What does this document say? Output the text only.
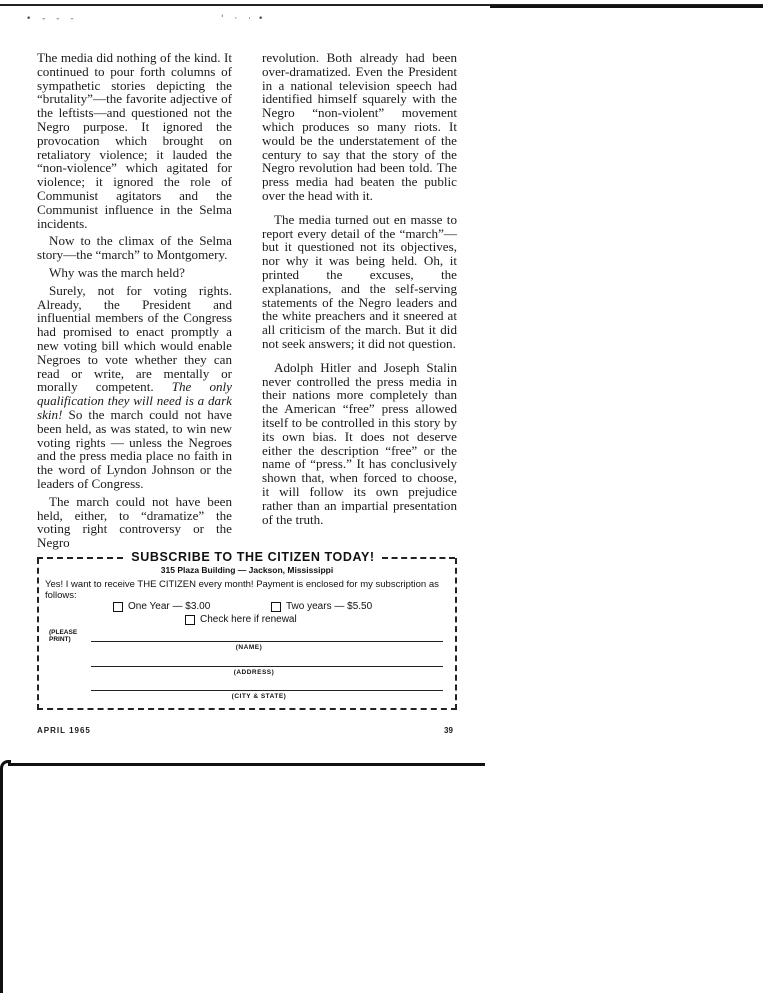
• - - -	' · · •

The media did nothing of the kind. It continued to pour forth columns of sympathetic stories depicting the “brutality”—the favorite adjective of the leftists—and questioned not the Negro purpose. It ignored the provocation which brought on retaliatory violence; it lauded the “non-violence” which agitated for violence; it ignored the role of Communist agitators and the Communist influence in the Selma incidents.

Now to the climax of the Selma story—the “march” to Montgomery.

Why was the march held?

Surely, not for voting rights. Already, the President and influential members of the Congress had promised to enact promptly a new voting bill which would enable Negroes to vote whether they can read or write, are mentally or morally competent. The only qualification they will need is a dark skin! So the march could not have been held, as was stated, to win new voting rights — unless the Negroes and the press media place no faith in the word of Lyndon Johnson or the leaders of Congress.

The march could not have been held, either, to “dramatize” the voting right controversy or the Negro

revolution. Both already had been over-dramatized. Even the President in a national television speech had identified himself squarely with the Negro “non-violent” movement which produces so many riots. It would be the understatement of the century to say that the story of the Negro revolution had been told. The press media had beaten the public over the head with it.

The media turned out en masse to report every detail of the “march”—but it questioned not its objectives, nor why it was being held. Oh, it printed the excuses, the explanations, and the self-serving statements of the Negro leaders and the white preachers and it sneered at all criticism of the march. But it did not seek answers; it did not question.

Adolph Hitler and Joseph Stalin never controlled the press media in their nations more completely than the American “free” press allowed itself to be controlled in this story by its own bias. It does not deserve either the description “free” or the name of “press.” It has conclusively shown that, when forced to choose, it will follow its own prejudice rather than an impartial presentation of the truth.

SUBSCRIBE TO THE CITIZEN TODAY!
315 Plaza Building — Jackson, Mississippi
Yes! I want to receive THE CITIZEN every month! Payment is enclosed for my subscription as follows:
One Year — $3.00	Two years — $5.50
Check here if renewal
(PLEASE PRINT)
(NAME)
(ADDRESS)
(CITY & STATE)
APRIL 1965	39
